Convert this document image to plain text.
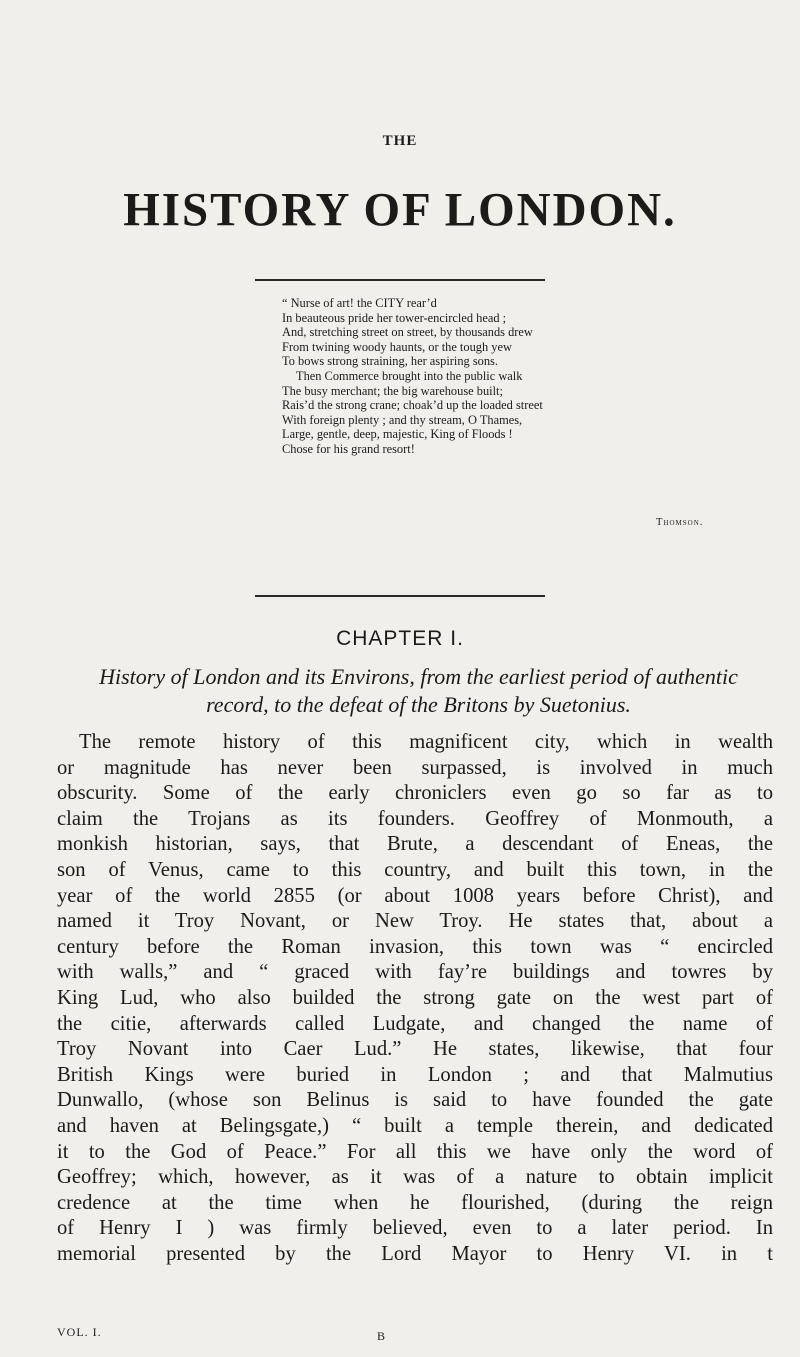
THE
HISTORY OF LONDON.
“ Nurse of art! the CITY rear’d
In beauteous pride her tower-encircled head ;
And, stretching street on street, by thousands drew
From twining woody haunts, or the tough yew
To bows strong straining, her aspiring sons.
Then Commerce brought into the public walk
The busy merchant; the big warehouse built;
Rais’d the strong crane; choak’d up the loaded street
With foreign plenty ; and thy stream, O Thames,
Large, gentle, deep, majestic, King of Floods !
Chose for his grand resort!
Thomson.
CHAPTER I.
History of London and its Environs, from the earliest period of authentic record, to the defeat of the Britons by Suetonius.
The remote history of this magnificent city, which in wealth
or magnitude has never been surpassed, is involved in much
obscurity. Some of the early chroniclers even go so far as to
claim the Trojans as its founders. Geoffrey of Monmouth, a
monkish historian, says, that Brute, a descendant of Eneas, the
son of Venus, came to this country, and built this town, in the
year of the world 2855 (or about 1008 years before Christ), and
named it Troy Novant, or New Troy. He states that, about a
century before the Roman invasion, this town was “ encircled
with walls,” and “ graced with fay’re buildings and towres by
King Lud, who also builded the strong gate on the west part of
the citie, afterwards called Ludgate, and changed the name of
Troy Novant into Caer Lud.” He states, likewise, that four
British Kings were buried in London ; and that Malmutius
Dunwallo, (whose son Belinus is said to have founded the gate
and haven at Belingsgate,) “ built a temple therein, and dedicated
it to the God of Peace.” For all this we have only the word of
Geoffrey; which, however, as it was of a nature to obtain implicit
credence at the time when he flourished, (during the reign
of Henry I ) was firmly believed, even to a later period. In
memorial presented by the Lord Mayor to Henry VI. in t
VOL. I.	B
